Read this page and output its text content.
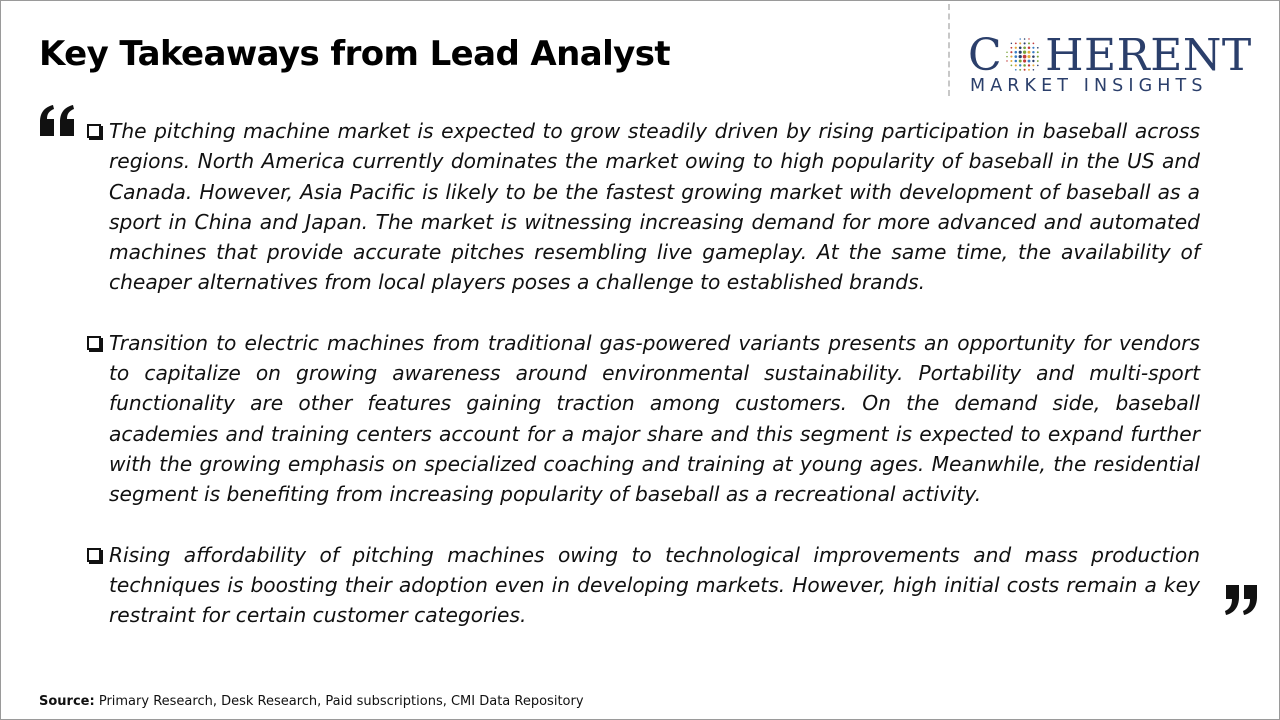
Key Takeaways from Lead Analyst	C HERENT
MARKET INSIGHTS
The pitching machine market is expected to grow steadily driven by rising participation in baseball across regions. North America currently dominates the market owing to high popularity of baseball in the US and Canada. However, Asia Pacific is likely to be the fastest growing market with development of baseball as a sport in China and Japan. The market is witnessing increasing demand for more advanced and automated machines that provide accurate pitches resembling live gameplay. At the same time, the availability of cheaper alternatives from local players poses a challenge to established brands.
Transition to electric machines from traditional gas-powered variants presents an opportunity for vendors to capitalize on growing awareness around environmental sustainability. Portability and multi-sport functionality are other features gaining traction among customers. On the demand side, baseball academies and training centers account for a major share and this segment is expected to expand further with the growing emphasis on specialized coaching and training at young ages. Meanwhile, the residential segment is benefiting from increasing popularity of baseball as a recreational activity.
Rising affordability of pitching machines owing to technological improvements and mass production techniques is boosting their adoption even in developing markets. However, high initial costs remain a key restraint for certain customer categories.
Source: Primary Research, Desk Research, Paid subscriptions, CMI Data Repository
